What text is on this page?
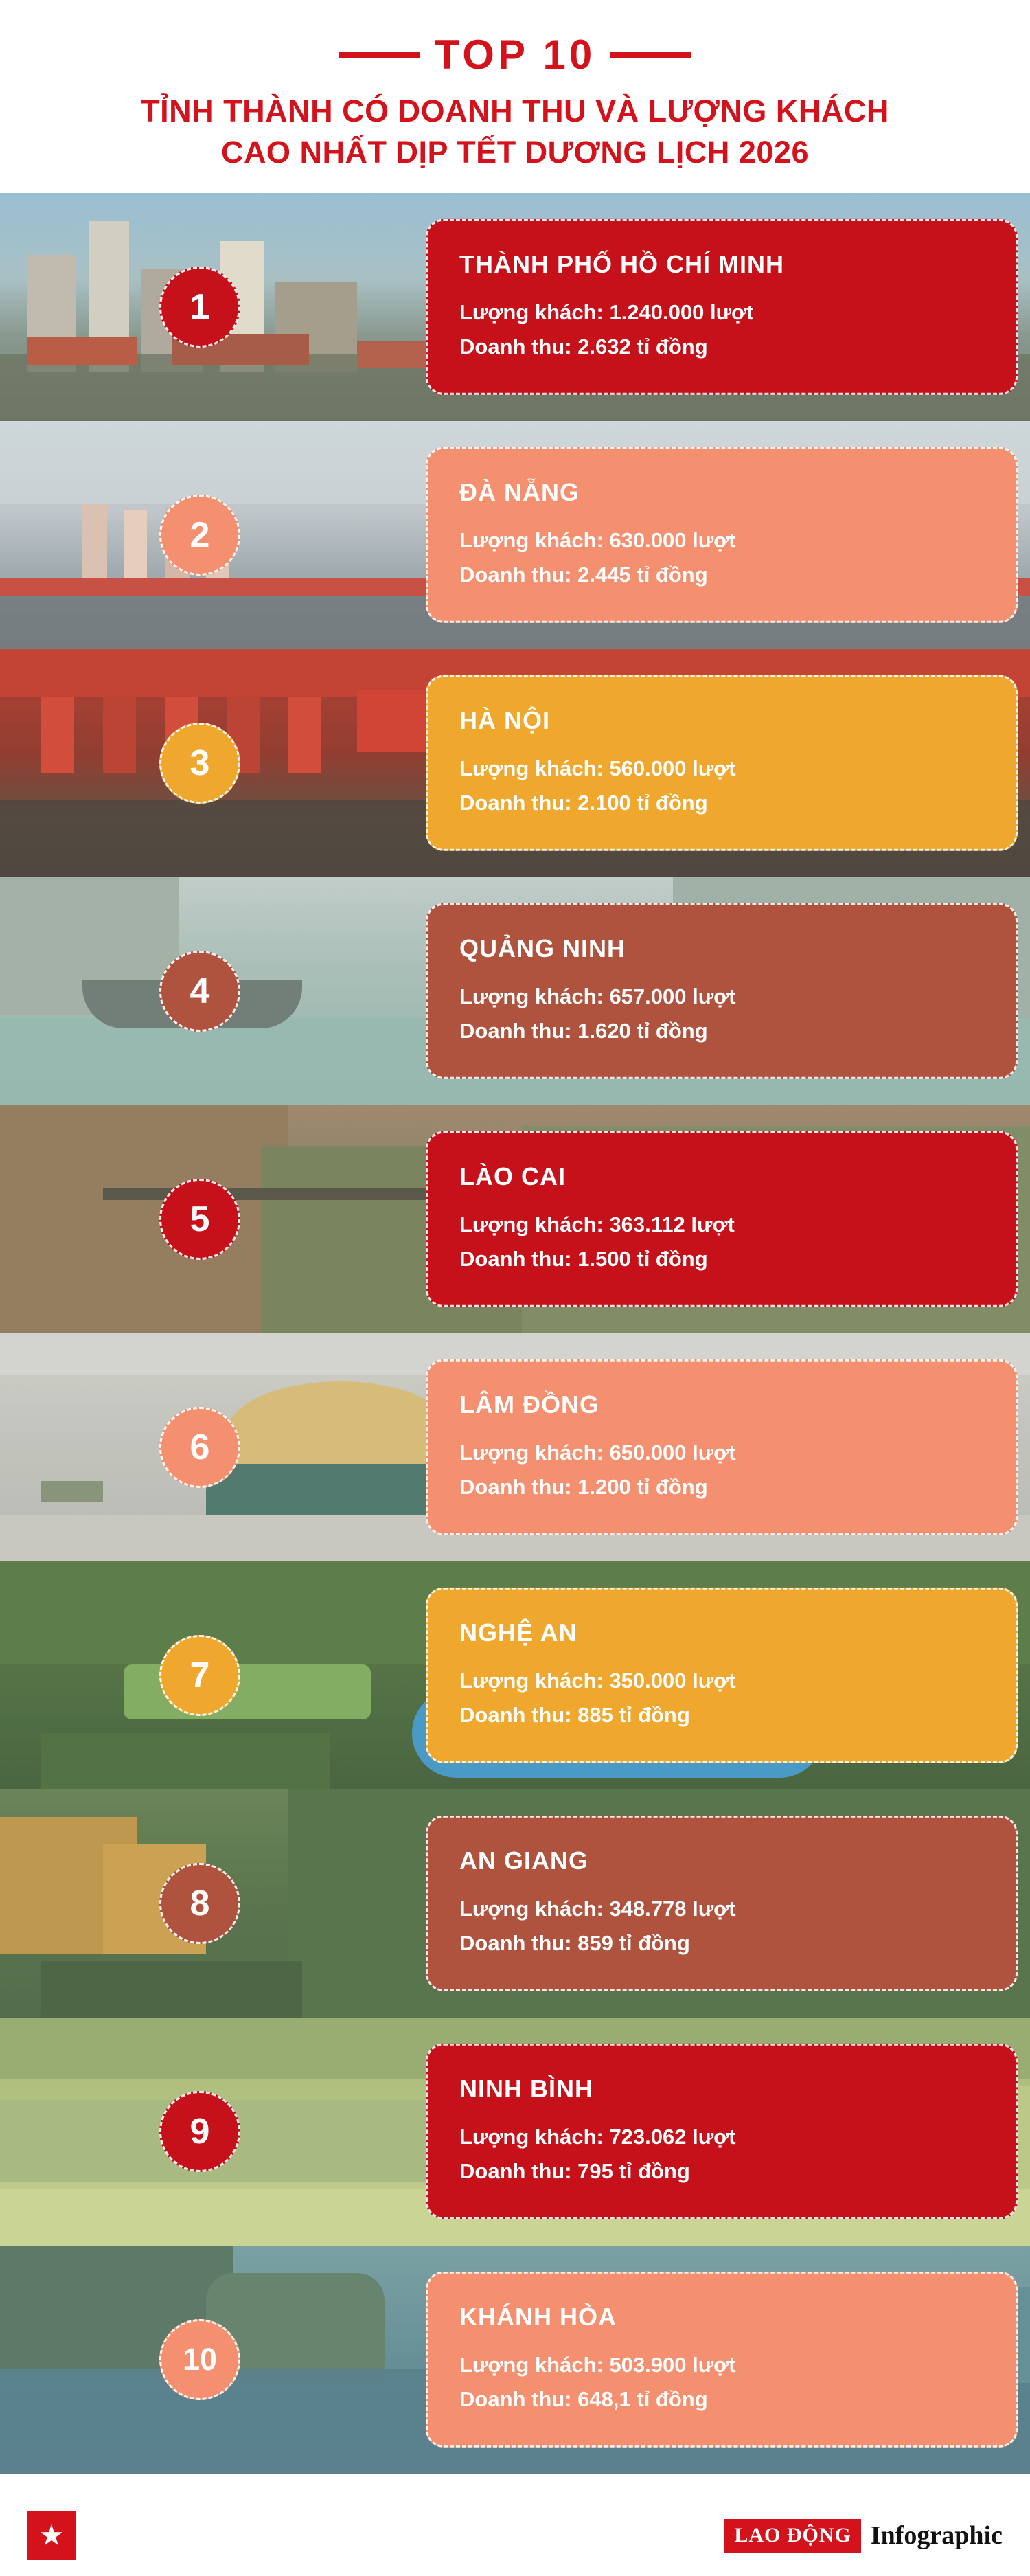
TOP 10
TỈNH THÀNH CÓ DOANH THU VÀ LƯỢNG KHÁCH
CAO NHẤT DỊP TẾT DƯƠNG LỊCH 2026
1
THÀNH PHỐ HỒ CHÍ MINH
Lượng khách: 1.240.000 lượt
Doanh thu: 2.632 tỉ đồng
2
ĐÀ NẴNG
Lượng khách: 630.000 lượt
Doanh thu: 2.445 tỉ đồng
3
HÀ NỘI
Lượng khách: 560.000 lượt
Doanh thu: 2.100 tỉ đồng
4
QUẢNG NINH
Lượng khách: 657.000 lượt
Doanh thu: 1.620 tỉ đồng
5
LÀO CAI
Lượng khách: 363.112 lượt
Doanh thu: 1.500 tỉ đồng
6
LÂM ĐỒNG
Lượng khách: 650.000 lượt
Doanh thu: 1.200 tỉ đồng
7
NGHỆ AN
Lượng khách: 350.000 lượt
Doanh thu: 885 tỉ đồng
8
AN GIANG
Lượng khách: 348.778 lượt
Doanh thu: 859 tỉ đồng
9
NINH BÌNH
Lượng khách: 723.062 lượt
Doanh thu: 795 tỉ đồng
10
KHÁNH HÒA
Lượng khách: 503.900 lượt
Doanh thu: 648,1 tỉ đồng
★	LAO ĐỘNG Infographic
